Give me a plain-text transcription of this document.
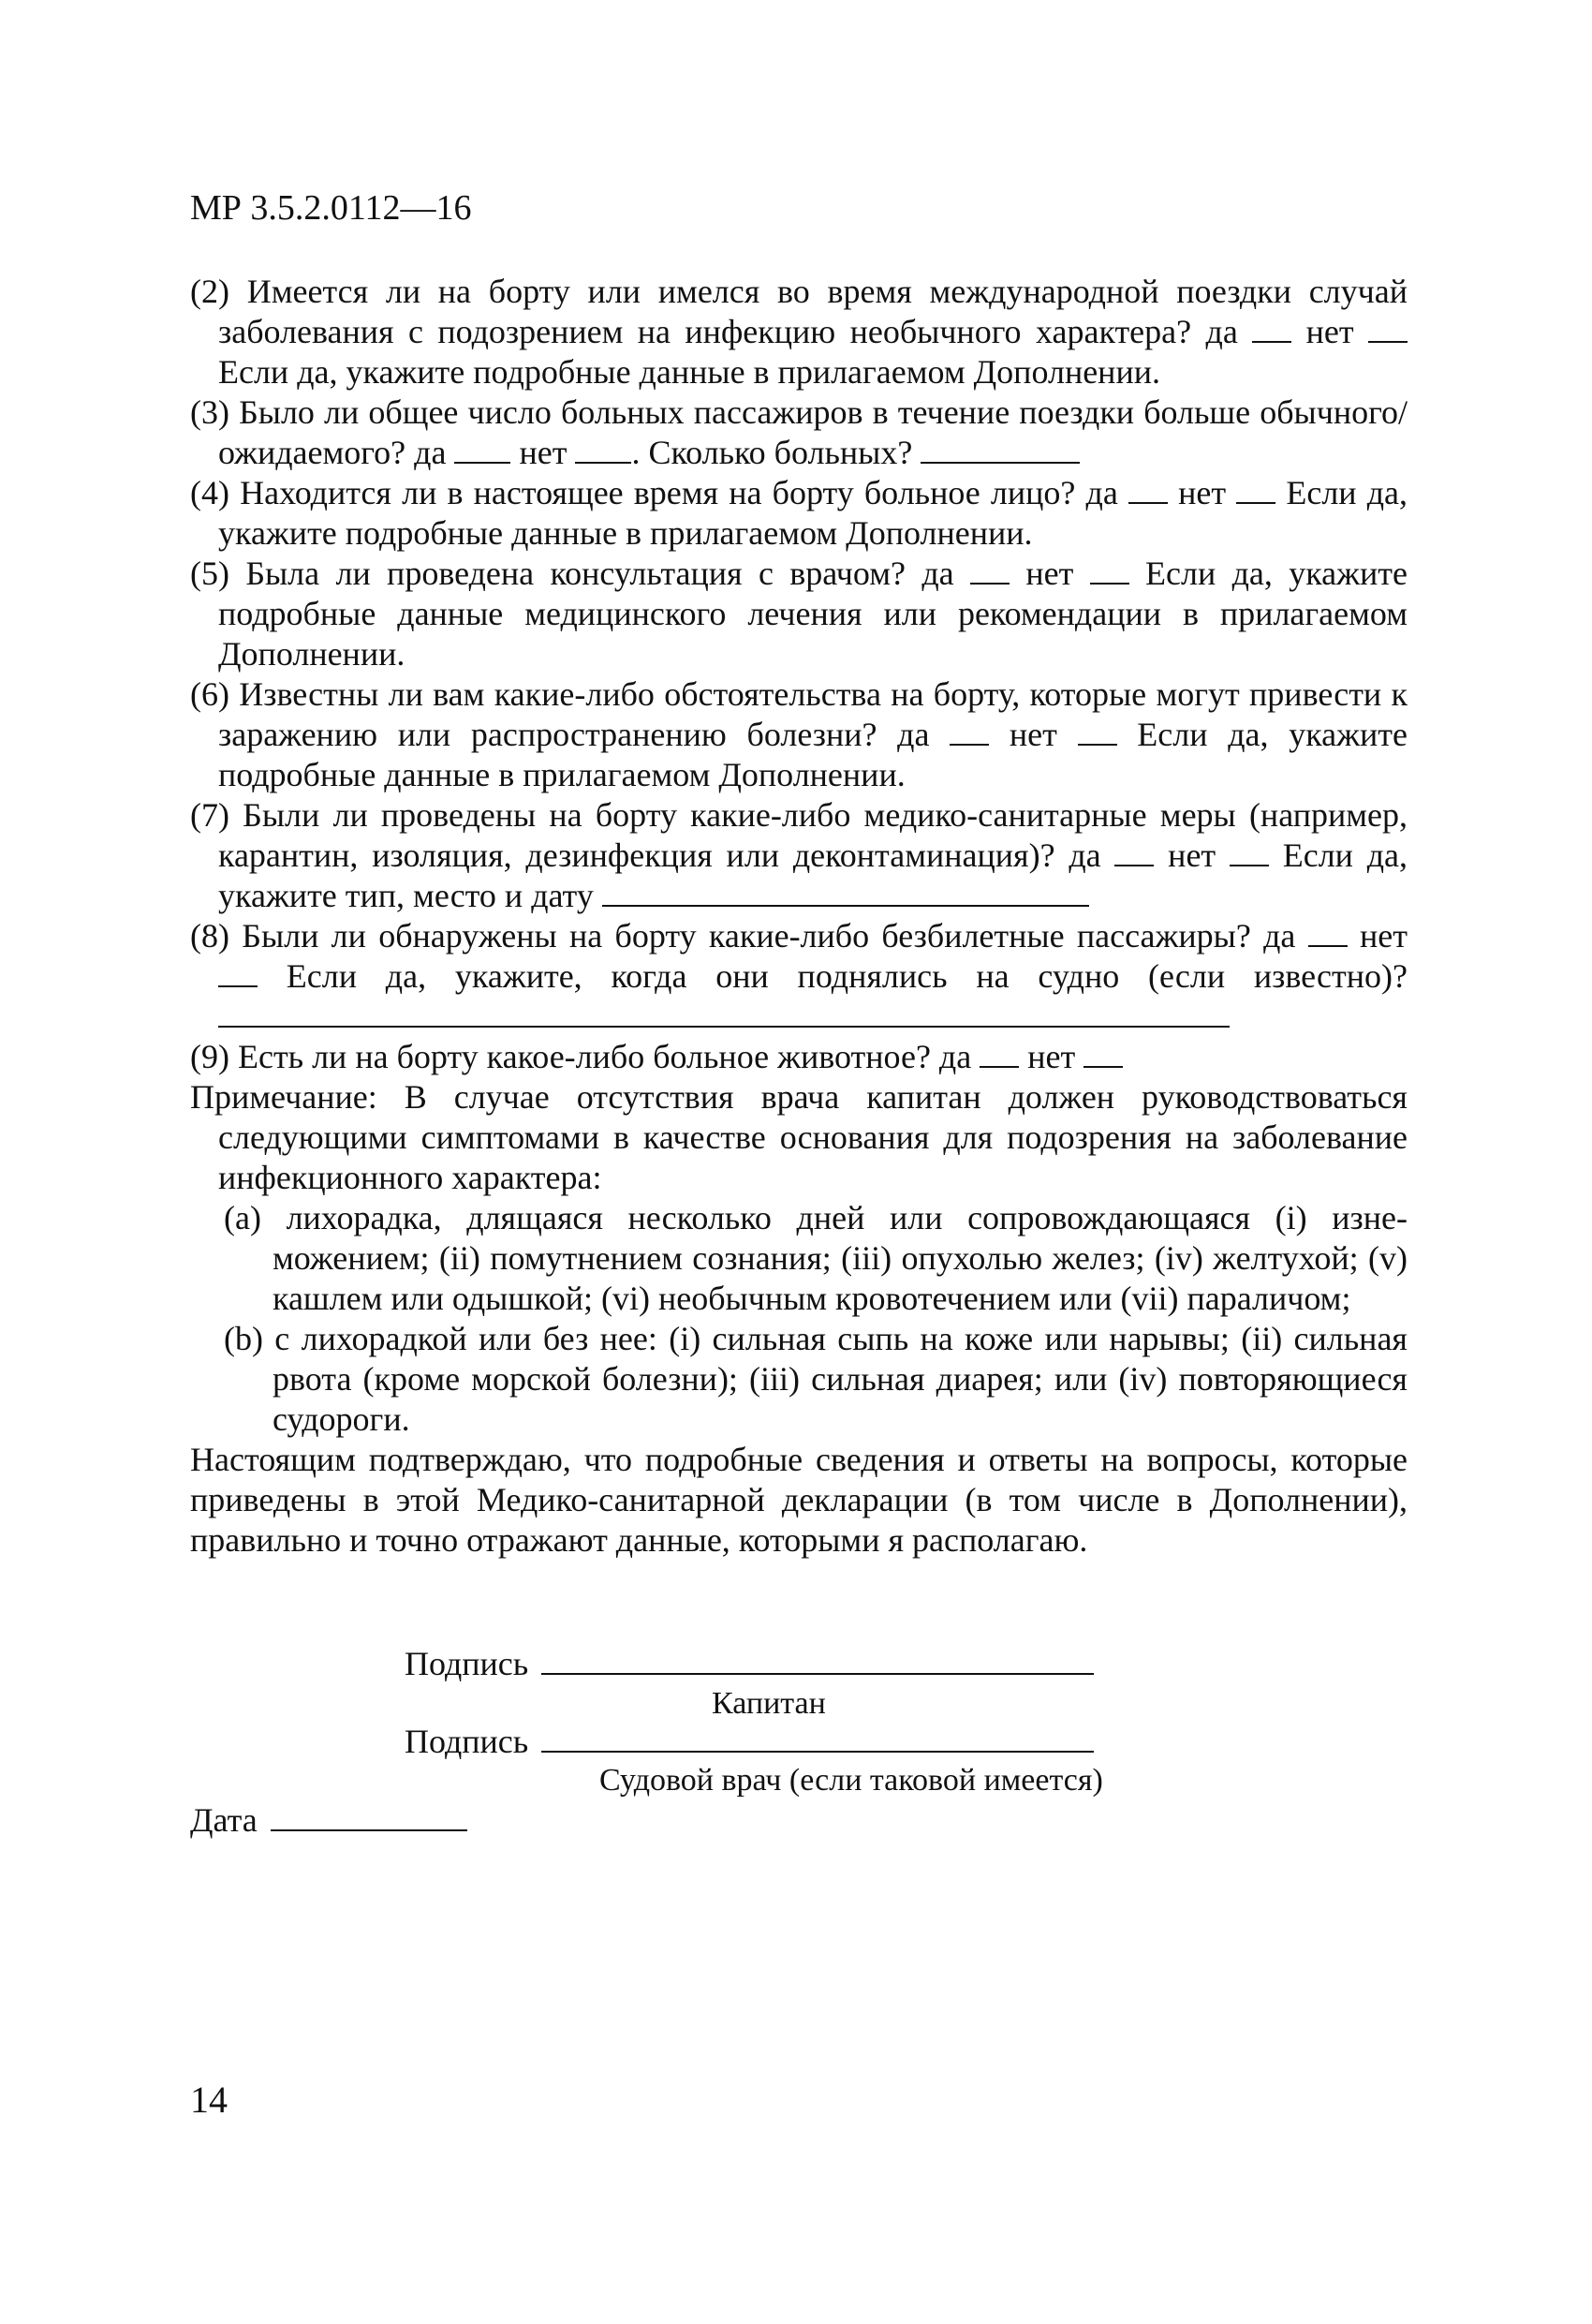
МР 3.5.2.0112—16

(2) Имеется ли на борту или имелся во время международной поездки случай заболевания с подозрением на инфекцию необычного характера? да  нет  Если да, укажите подробные данные в прилагаемом Дополнении.

(3) Было ли общее число больных пассажиров в течение поездки больше обычного/ожидаемого? да  нет . Сколько больных?

(4) Находится ли в настоящее время на борту больное лицо? да  нет  Если да, укажите подробные данные в прилагаемом Дополнении.

(5) Была ли проведена консультация с врачом? да  нет  Если да, укажите подробные данные медицинского лечения или рекомендации в прилагаемом Дополнении.

(6) Известны ли вам какие-либо обстоятельства на борту, которые могут привести к заражению или распространению болезни? да  нет  Если да, укажите подробные данные в прилагаемом Дополнении.

(7) Были ли проведены на борту какие-либо медико-санитарные меры (например, карантин, изоляция, дезинфекция или деконтаминация)? да  нет  Если да, укажите тип, место и дату

(8) Были ли обнаружены на борту какие-либо безбилетные пассажиры? да  нет  Если да, укажите, когда они поднялись на судно (если известно)?

(9) Есть ли на борту какое-либо больное животное? да  нет

Примечание: В случае отсутствия врача капитан должен руководствоваться следующими симптомами в качестве основания для подозрения на заболевание инфекционного характера:

(a) лихорадка, длящаяся несколько дней или сопровождающаяся (i) изнеможением; (ii) помутнением сознания; (iii) опухолью желез; (iv) желтухой; (v) кашлем или одышкой; (vi) необычным кровотечением или (vii) параличом;

(b) с лихорадкой или без нее: (i) сильная сыпь на коже или нарывы; (ii) сильная рвота (кроме морской болезни); (iii) сильная диарея; или (iv) повторяющиеся судороги.

Настоящим подтверждаю, что подробные сведения и ответы на вопросы, которые приведены в этой Медико-санитарной декларации (в том числе в Дополнении), правильно и точно отражают данные, которыми я располагаю.

Подпись
Капитан
Подпись
Судовой врач (если таковой имеется)
Дата
14
